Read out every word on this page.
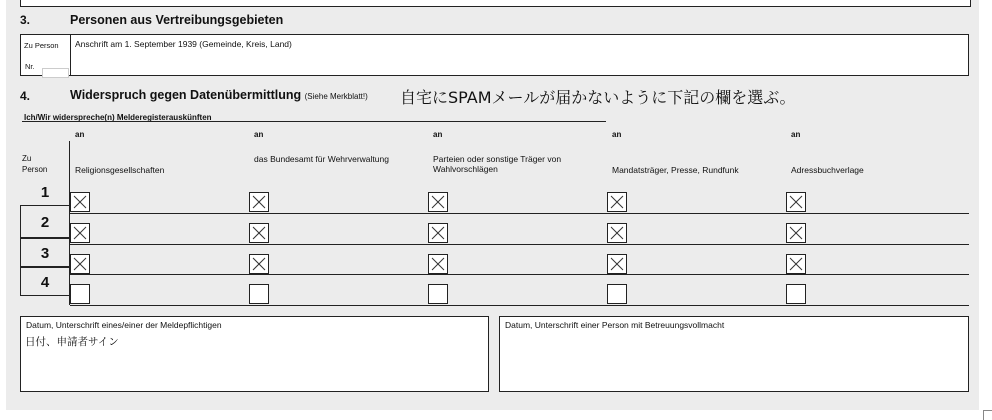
3.	Personen aus Vertreibungsgebieten
Zu Person
Nr.
Anschrift am 1. September 1939 (Gemeinde, Kreis, Land)
4.	Widerspruch gegen Datenübermittlung (Siehe Merkblatt!) 自宅にSPAMメールが届かないように下記の欄を選ぶ。
Ich/Wir widerspreche(n) Melderegisterauskünften
Zu
Person
an
Religionsgesellschaften
an
das Bundesamt für Wehrverwaltung
an
Parteien oder sonstige Träger von Wahlvorschlägen
an
Mandatsträger, Presse, Rundfunk
an
Adressbuchverlage
1
2
3
4
Datum, Unterschrift eines/einer der Meldepflichtigen
日付、申請者サイン
Datum, Unterschrift einer Person mit Betreuungsvollmacht
